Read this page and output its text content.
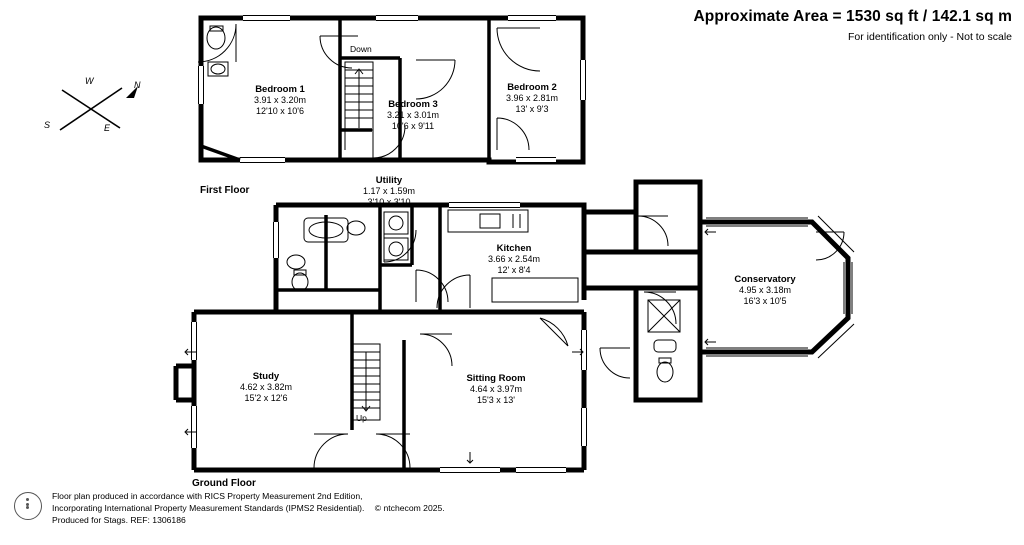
Approximate Area = 1530 sq ft / 142.1 sq m
For identification only - Not to scale
W	N
E
S
First Floor
Ground Floor
Down
Up
Bedroom 1
3.91 x 3.20m
12'10 x 10'6
Bedroom 3
3.21 x 3.01m
10'6 x 9'11
Bedroom 2
3.96 x 2.81m
13' x 9'3
Utility
1.17 x 1.59m
3'10 x 3'10
Kitchen
3.66 x 2.54m
12' x 8'4
Conservatory
4.95 x 3.18m
16'3 x 10'5
Study
4.62 x 3.82m
15'2 x 12'6
Sitting Room
4.64 x 3.97m
15'3 x 13'
Floor plan produced in accordance with RICS Property Measurement 2nd Edition,
Incorporating International Property Measurement Standards (IPMS2 Residential). © ntchecom 2025.
Produced for Stags. REF: 1306186
